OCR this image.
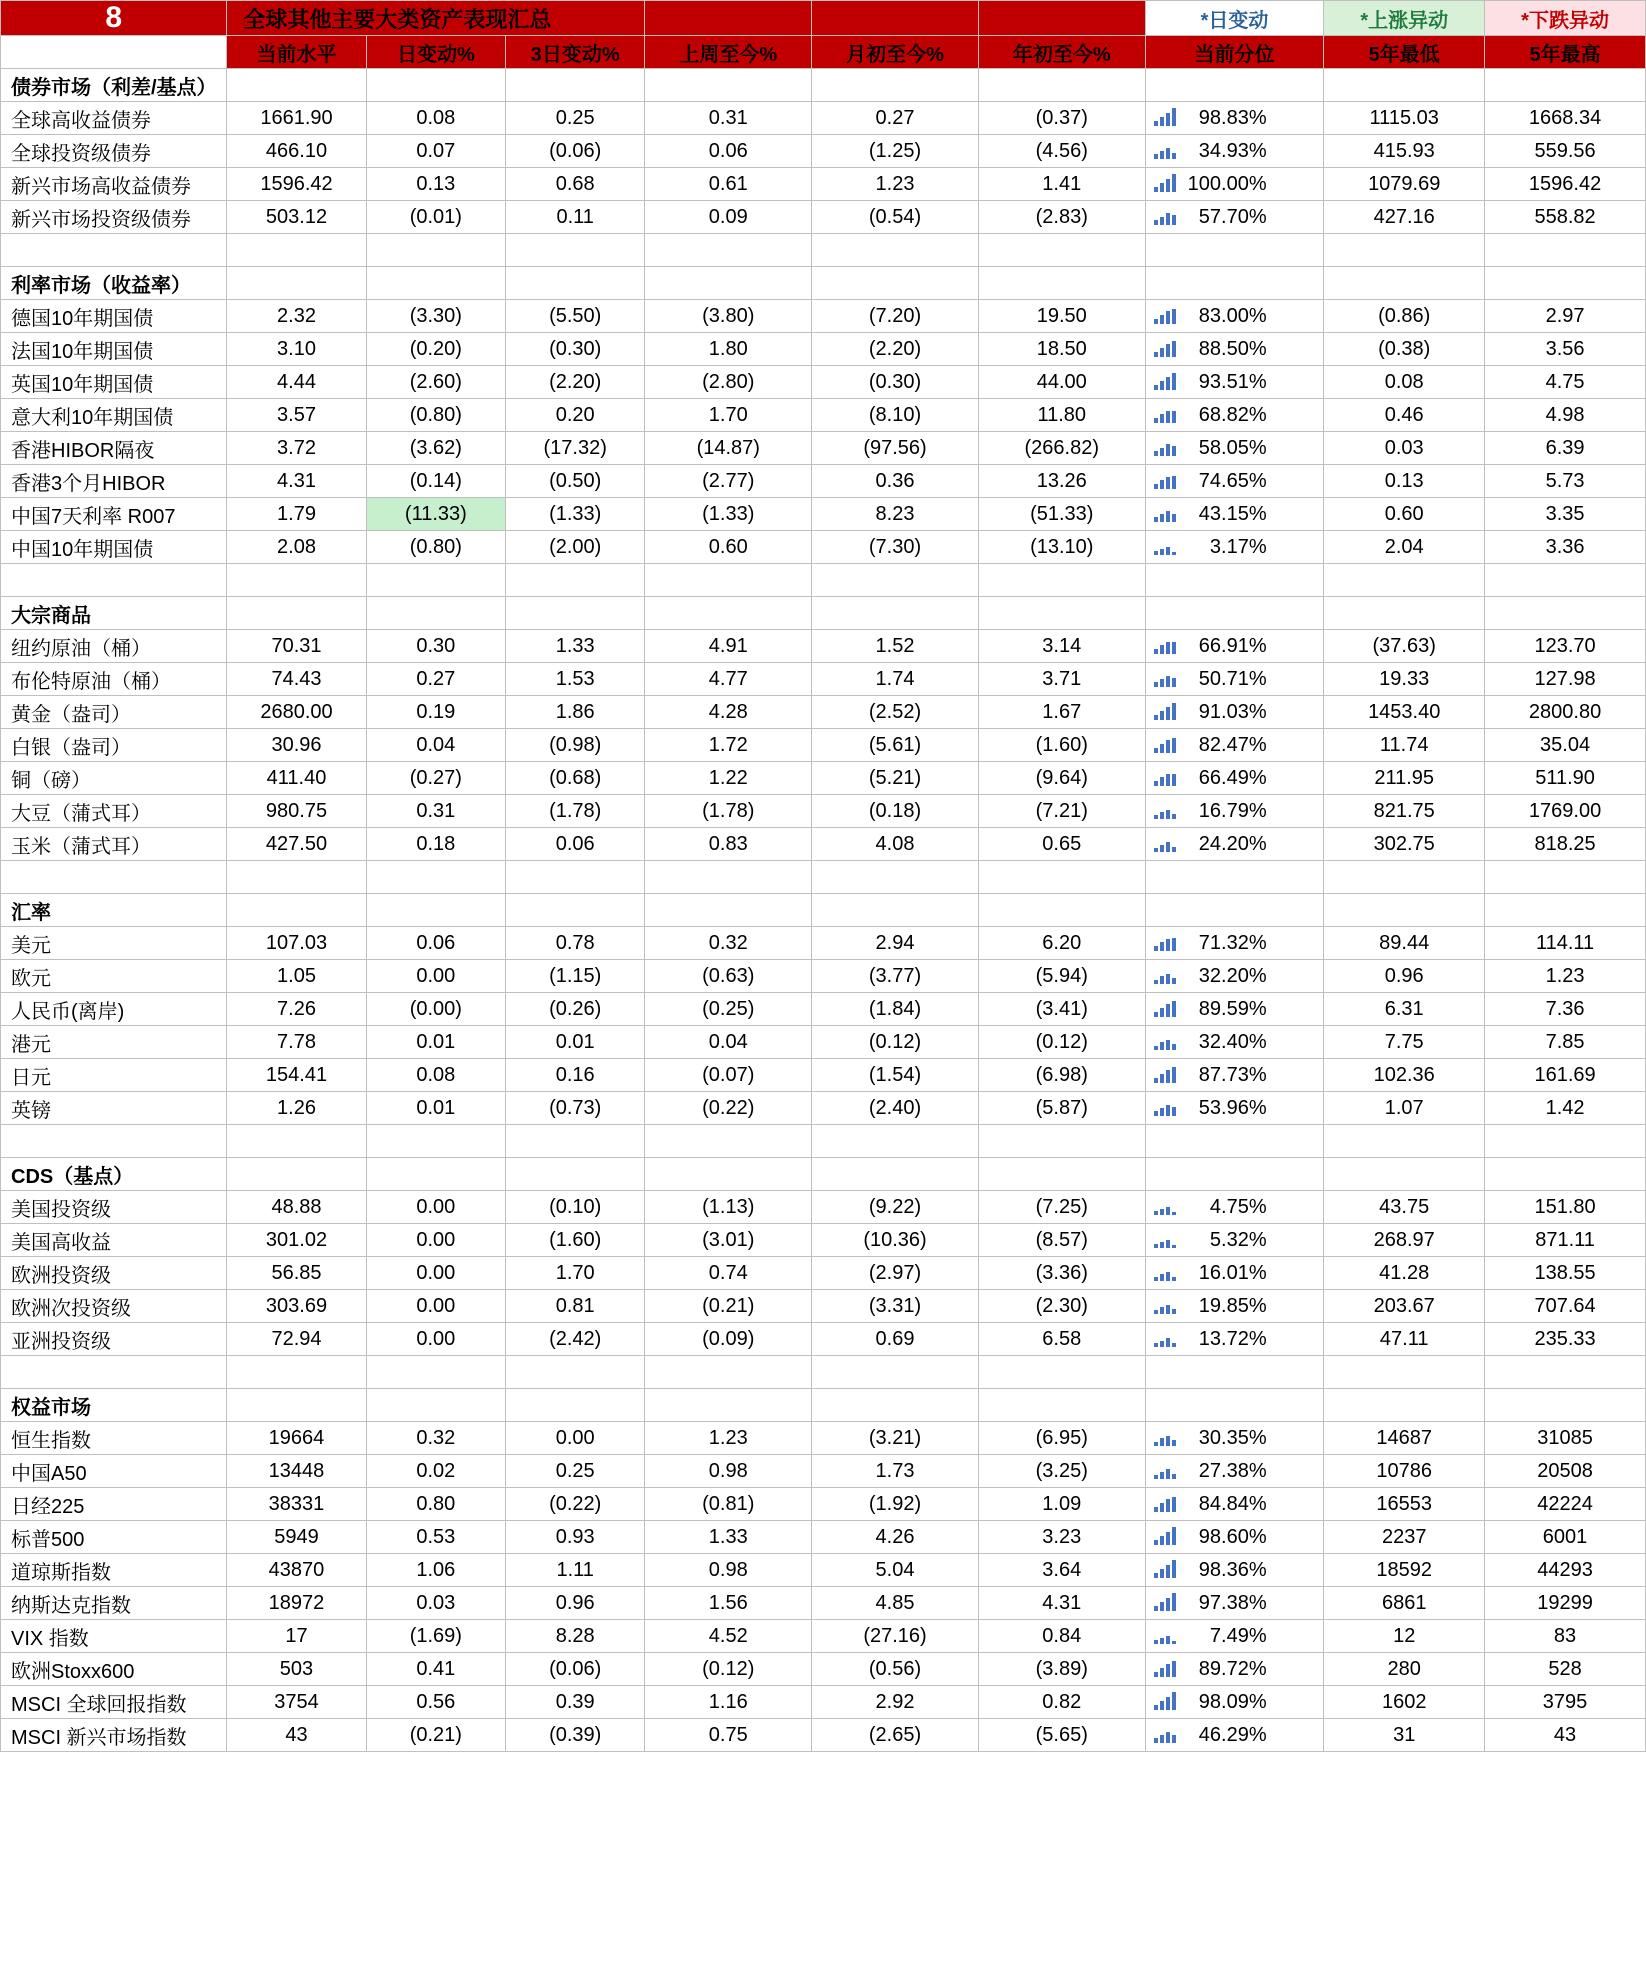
8	全球其他主要大类资产表现汇总						*日变动	*上涨异动	*下跌异动
	当前水平	日变动%	3日变动%	上周至今%	月初至今%	年初至今%	当前分位	5年最低	5年最高
债券市场（利差/基点）									
全球高收益债券	1661.90	0.08	0.25	0.31	0.27	(0.37)	98.83%	1115.03	1668.34
全球投资级债券	466.10	0.07	(0.06)	0.06	(1.25)	(4.56)	34.93%	415.93	559.56
新兴市场高收益债券	1596.42	0.13	0.68	0.61	1.23	1.41	100.00%	1079.69	1596.42
新兴市场投资级债券	503.12	(0.01)	0.11	0.09	(0.54)	(2.83)	57.70%	427.16	558.82

利率市场（收益率）									
德国10年期国债	2.32	(3.30)	(5.50)	(3.80)	(7.20)	19.50	83.00%	(0.86)	2.97
法国10年期国债	3.10	(0.20)	(0.30)	1.80	(2.20)	18.50	88.50%	(0.38)	3.56
英国10年期国债	4.44	(2.60)	(2.20)	(2.80)	(0.30)	44.00	93.51%	0.08	4.75
意大利10年期国债	3.57	(0.80)	0.20	1.70	(8.10)	11.80	68.82%	0.46	4.98
香港HIBOR隔夜	3.72	(3.62)	(17.32)	(14.87)	(97.56)	(266.82)	58.05%	0.03	6.39
香港3个月HIBOR	4.31	(0.14)	(0.50)	(2.77)	0.36	13.26	74.65%	0.13	5.73
中国7天利率 R007	1.79	(11.33)	(1.33)	(1.33)	8.23	(51.33)	43.15%	0.60	3.35
中国10年期国债	2.08	(0.80)	(2.00)	0.60	(7.30)	(13.10)	3.17%	2.04	3.36

大宗商品									
纽约原油（桶）	70.31	0.30	1.33	4.91	1.52	3.14	66.91%	(37.63)	123.70
布伦特原油（桶）	74.43	0.27	1.53	4.77	1.74	3.71	50.71%	19.33	127.98
黄金（盎司）	2680.00	0.19	1.86	4.28	(2.52)	1.67	91.03%	1453.40	2800.80
白银（盎司）	30.96	0.04	(0.98)	1.72	(5.61)	(1.60)	82.47%	11.74	35.04
铜（磅）	411.40	(0.27)	(0.68)	1.22	(5.21)	(9.64)	66.49%	211.95	511.90
大豆（蒲式耳）	980.75	0.31	(1.78)	(1.78)	(0.18)	(7.21)	16.79%	821.75	1769.00
玉米（蒲式耳）	427.50	0.18	0.06	0.83	4.08	0.65	24.20%	302.75	818.25

汇率									
美元	107.03	0.06	0.78	0.32	2.94	6.20	71.32%	89.44	114.11
欧元	1.05	0.00	(1.15)	(0.63)	(3.77)	(5.94)	32.20%	0.96	1.23
人民币(离岸)	7.26	(0.00)	(0.26)	(0.25)	(1.84)	(3.41)	89.59%	6.31	7.36
港元	7.78	0.01	0.01	0.04	(0.12)	(0.12)	32.40%	7.75	7.85
日元	154.41	0.08	0.16	(0.07)	(1.54)	(6.98)	87.73%	102.36	161.69
英镑	1.26	0.01	(0.73)	(0.22)	(2.40)	(5.87)	53.96%	1.07	1.42

CDS（基点）									
美国投资级	48.88	0.00	(0.10)	(1.13)	(9.22)	(7.25)	4.75%	43.75	151.80
美国高收益	301.02	0.00	(1.60)	(3.01)	(10.36)	(8.57)	5.32%	268.97	871.11
欧洲投资级	56.85	0.00	1.70	0.74	(2.97)	(3.36)	16.01%	41.28	138.55
欧洲次投资级	303.69	0.00	0.81	(0.21)	(3.31)	(2.30)	19.85%	203.67	707.64
亚洲投资级	72.94	0.00	(2.42)	(0.09)	0.69	6.58	13.72%	47.11	235.33

权益市场									
恒生指数	19664	0.32	0.00	1.23	(3.21)	(6.95)	30.35%	14687	31085
中国A50	13448	0.02	0.25	0.98	1.73	(3.25)	27.38%	10786	20508
日经225	38331	0.80	(0.22)	(0.81)	(1.92)	1.09	84.84%	16553	42224
标普500	5949	0.53	0.93	1.33	4.26	3.23	98.60%	2237	6001
道琼斯指数	43870	1.06	1.11	0.98	5.04	3.64	98.36%	18592	44293
纳斯达克指数	18972	0.03	0.96	1.56	4.85	4.31	97.38%	6861	19299
VIX 指数	17	(1.69)	8.28	4.52	(27.16)	0.84	7.49%	12	83
欧洲Stoxx600	503	0.41	(0.06)	(0.12)	(0.56)	(3.89)	89.72%	280	528
MSCI 全球回报指数	3754	0.56	0.39	1.16	2.92	0.82	98.09%	1602	3795
MSCI 新兴市场指数	43	(0.21)	(0.39)	0.75	(2.65)	(5.65)	46.29%	31	43
